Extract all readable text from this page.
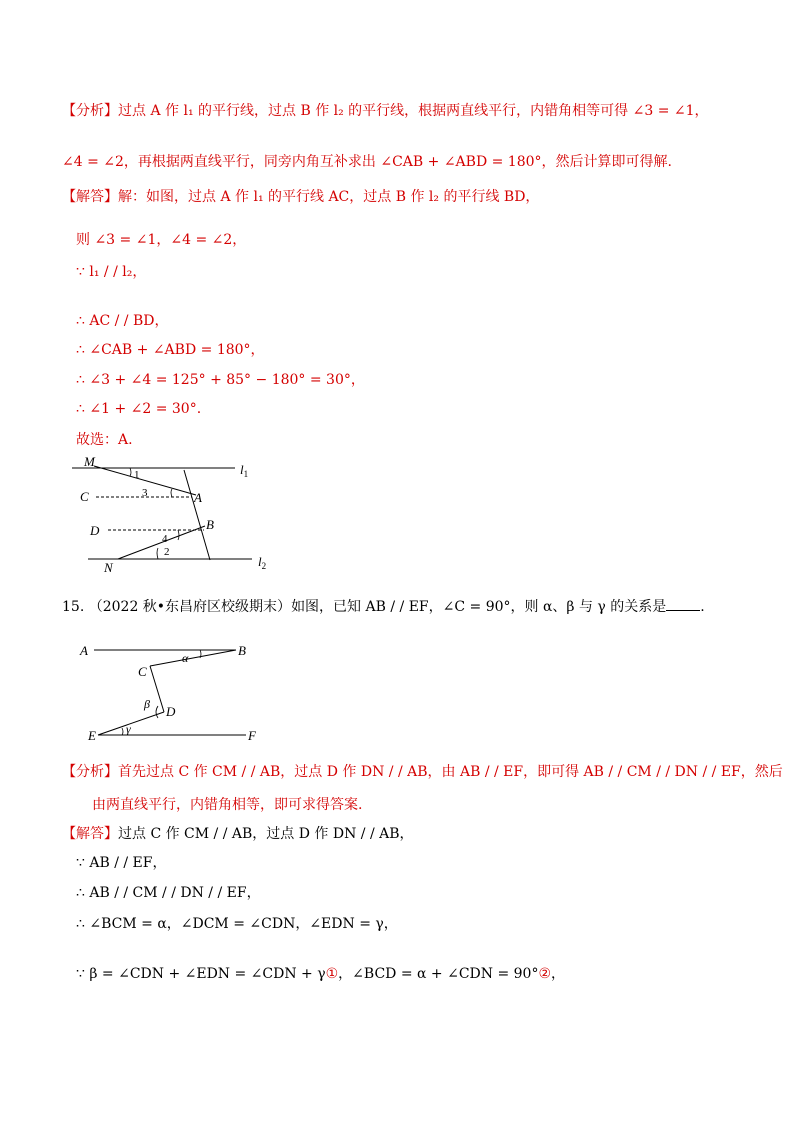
【分析】过点 A 作 l₁ 的平行线，过点 B 作 l₂ 的平行线，根据两直线平行，内错角相等可得 ∠3 = ∠1，
∠4 = ∠2，再根据两直线平行，同旁内角互补求出 ∠CAB + ∠ABD = 180°，然后计算即可得解.
【解答】解：如图，过点 A 作 l₁ 的平行线 AC，过点 B 作 l₂ 的平行线 BD，
则 ∠3 = ∠1，∠4 = ∠2，
∵ l₁ / / l₂，
∴ AC / / BD，
∴ ∠CAB + ∠ABD = 180°，
∴ ∠3 + ∠4 = 125° + 85° − 180° = 30°，
∴ ∠1 + ∠2 = 30°.
故选：A.
M
C	A
D	B
N
1
3
4
2
$l_1$
$l_2$
15. （2022 秋•东昌府区校级期末）如图，已知 AB / / EF，∠C = 90°，则 α、β 与 γ 的关系是 .
A	B
C
D
E	F
α
β
γ
【分析】首先过点 C 作 CM / / AB，过点 D 作 DN / / AB，由 AB / / EF，即可得 AB / / CM / / DN / / EF，然后
由两直线平行，内错角相等，即可求得答案.
【解答】过点 C 作 CM / / AB，过点 D 作 DN / / AB，
∵ AB / / EF，
∴ AB / / CM / / DN / / EF，
∴ ∠BCM = α，∠DCM = ∠CDN，∠EDN = γ，
∵ β = ∠CDN + ∠EDN = ∠CDN + γ①，∠BCD = α + ∠CDN = 90°②，
